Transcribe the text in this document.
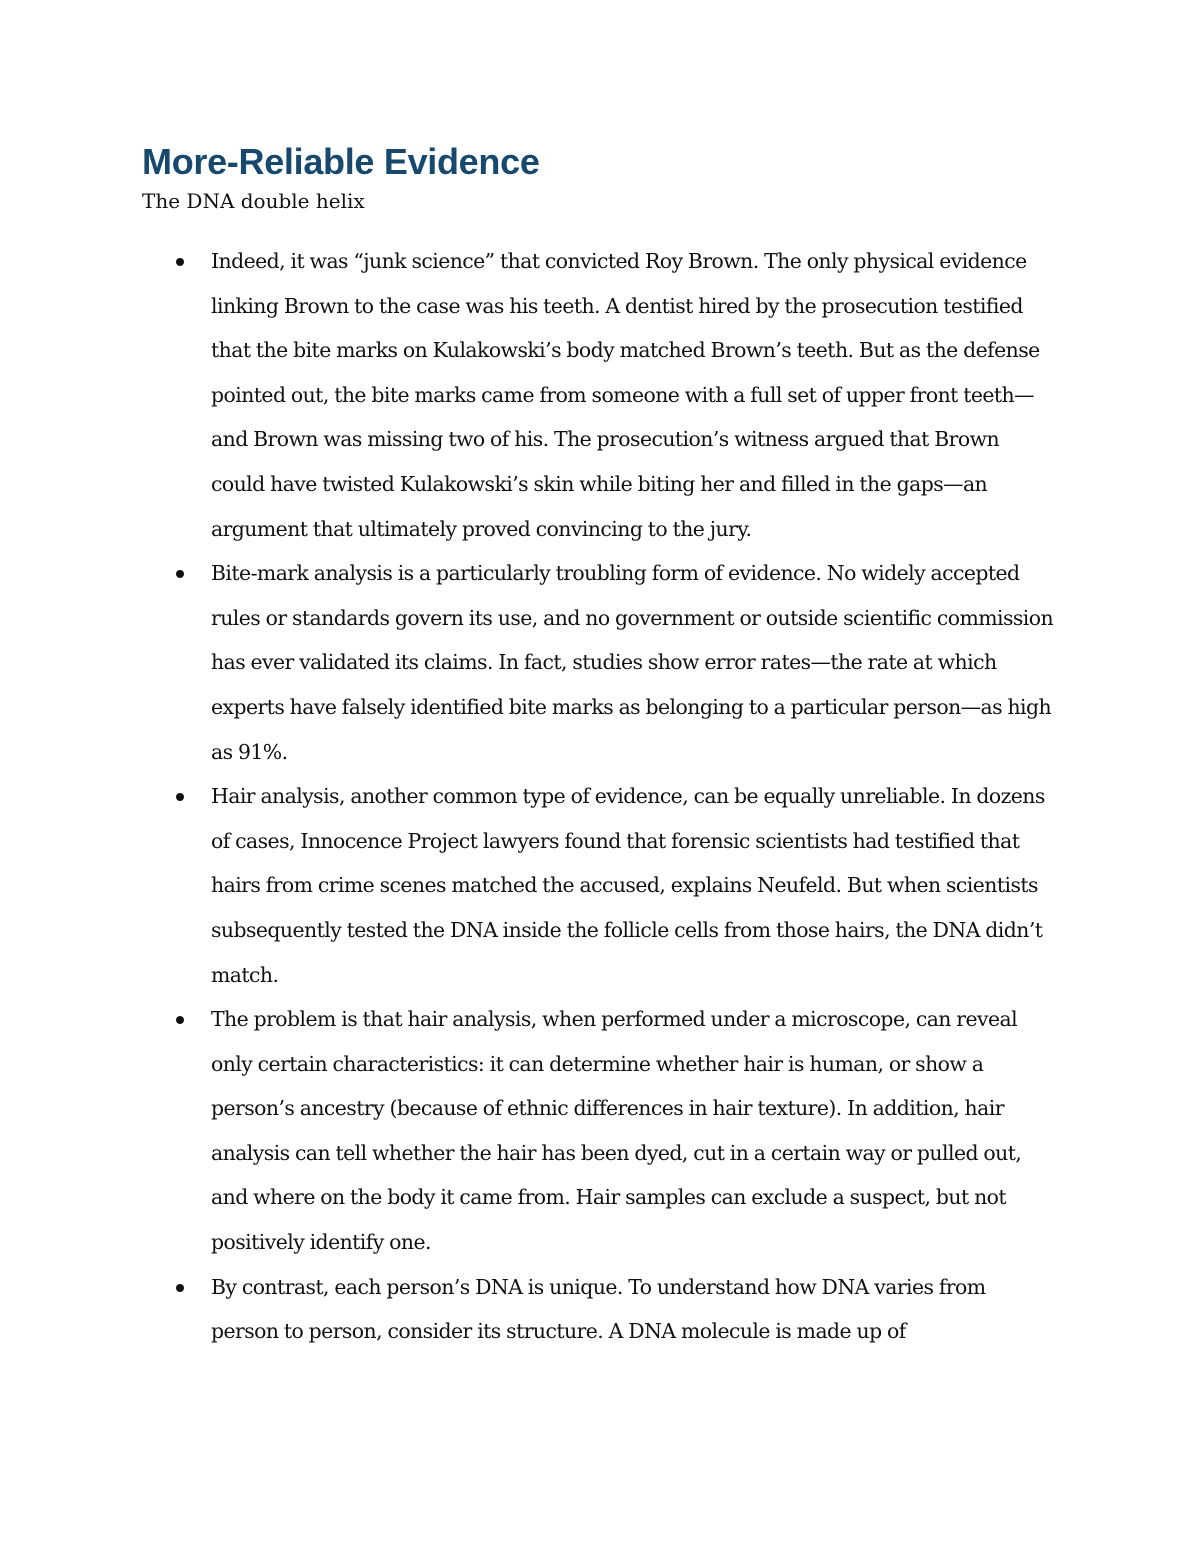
More-Reliable Evidence

The DNA double helix

Indeed, it was “junk science” that convicted Roy Brown. The only physical evidence linking Brown to the case was his teeth. A dentist hired by the prosecution testified that the bite marks on Kulakowski’s body matched Brown’s teeth. But as the defense pointed out, the bite marks came from someone with a full set of upper front teeth—and Brown was missing two of his. The prosecution’s witness argued that Brown could have twisted Kulakowski’s skin while biting her and filled in the gaps—an argument that ultimately proved convincing to the jury.
Bite-mark analysis is a particularly troubling form of evidence. No widely accepted rules or standards govern its use, and no government or outside scientific commission has ever validated its claims. In fact, studies show error rates—the rate at which experts have falsely identified bite marks as belonging to a particular person—as high as 91%.
Hair analysis, another common type of evidence, can be equally unreliable. In dozens of cases, Innocence Project lawyers found that forensic scientists had testified that hairs from crime scenes matched the accused, explains Neufeld. But when scientists subsequently tested the DNA inside the follicle cells from those hairs, the DNA didn’t match.
The problem is that hair analysis, when performed under a microscope, can reveal only certain characteristics: it can determine whether hair is human, or show a person’s ancestry (because of ethnic differences in hair texture). In addition, hair analysis can tell whether the hair has been dyed, cut in a certain way or pulled out, and where on the body it came from. Hair samples can exclude a suspect, but not positively identify one.
By contrast, each person’s DNA is unique. To understand how DNA varies from person to person, consider its structure. A DNA molecule is made up of
